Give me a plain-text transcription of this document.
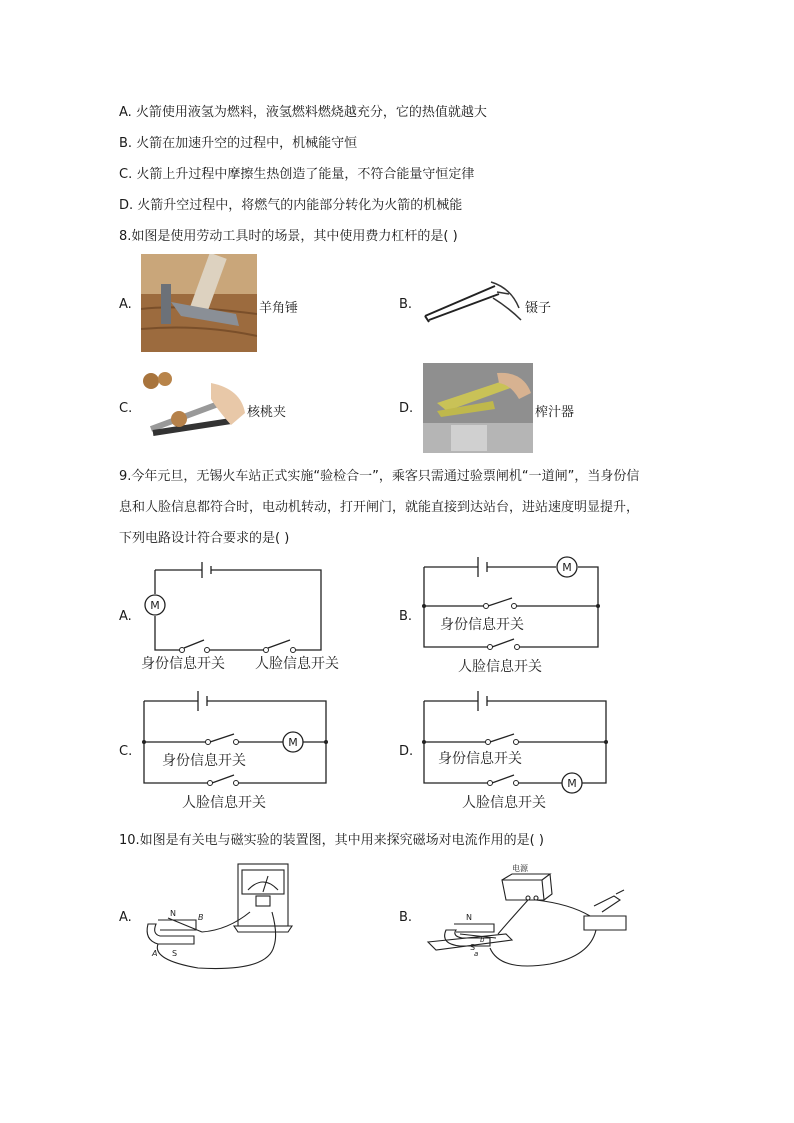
A. 火箭使用液氢为燃料，液氢燃料燃烧越充分，它的热值就越大
B. 火箭在加速升空的过程中，机械能守恒
C. 火箭上升过程中摩擦生热创造了能量，不符合能量守恒定律
D. 火箭升空过程中，将燃气的内能部分转化为火箭的机械能
8.如图是使用劳动工具时的场景，其中使用费力杠杆的是( )
A.	羊角锤	B.	镊子
C.	核桃夹	D.	榨汁器
9.今年元旦，无锡火车站正式实施“验检合一”，乘客只需通过验票闸机“一道闸”，当身份信
息和人脸信息都符合时，电动机转动，打开闸门，就能直接到达站台，进站速度明显提升，
下列电路设计符合要求的是( )
A.
M
身份信息开关 人脸信息开关
B.
M
身份信息开关
人脸信息开关
C.
M
身份信息开关
人脸信息开关
D.
M
身份信息开关
人脸信息开关
10.如图是有关电与磁实验的装置图，其中用来探究磁场对电流作用的是( )
A.	N	B
A S
B.
电源
N
b
a
S
